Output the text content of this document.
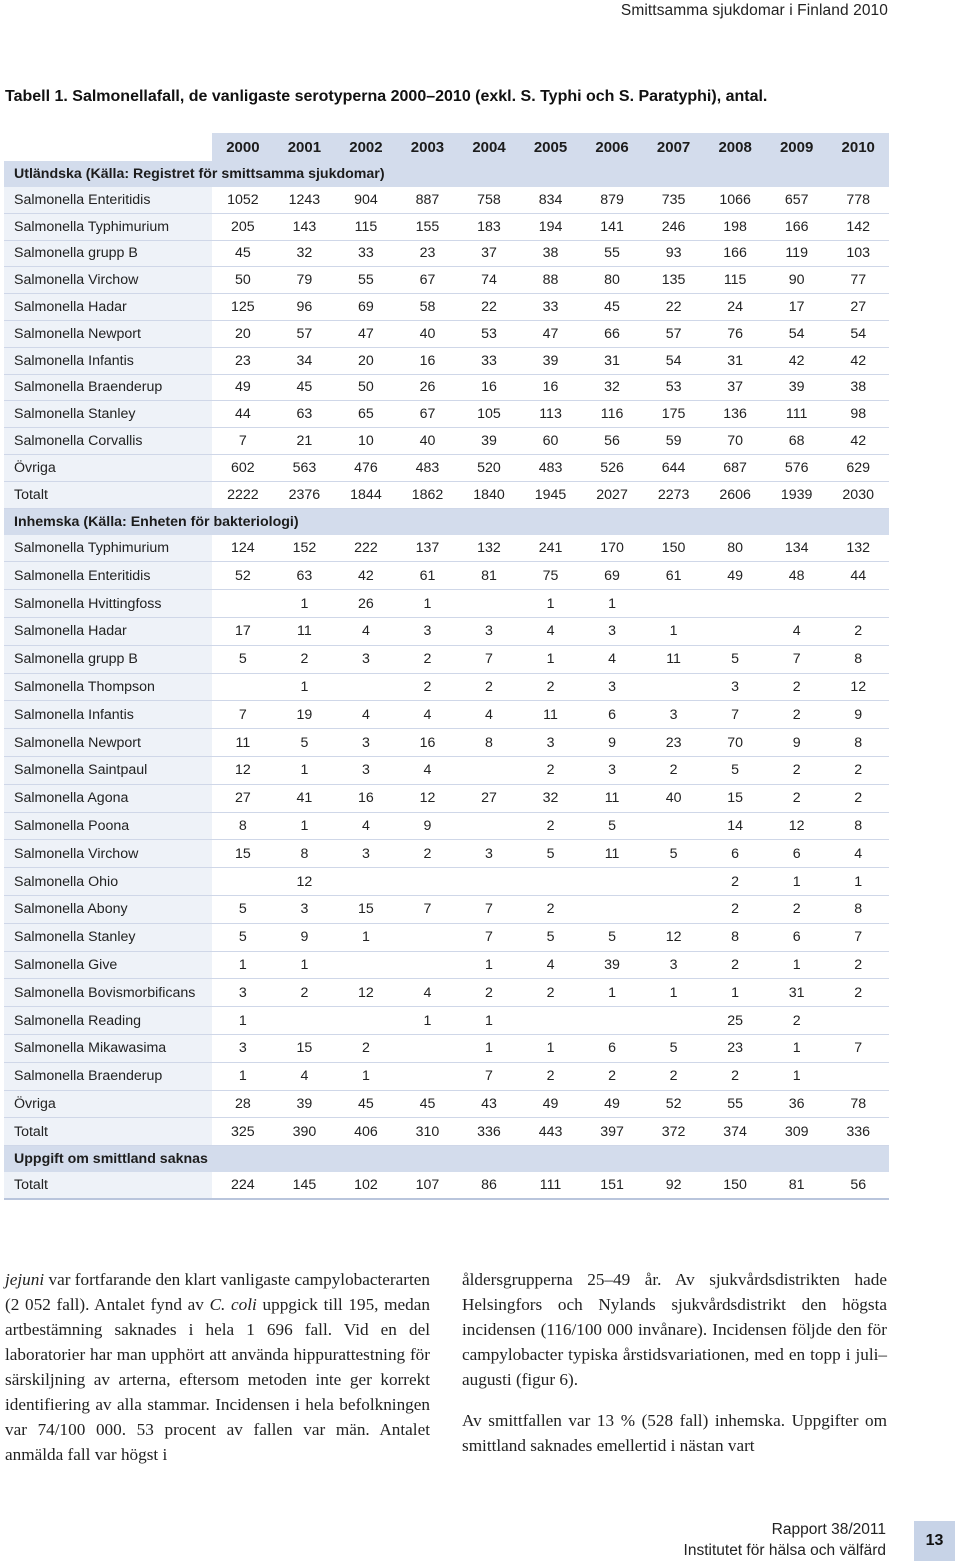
Smittsamma sjukdomar i Finland 2010
Tabell 1. Salmonellafall, de vanligaste serotyperna 2000–2010 (exkl. S. Typhi och S. Paratyphi), antal.
	2000	2001	2002	2003	2004	2005	2006	2007	2008	2009	2010
Utländska (Källa: Registret för smittsamma sjukdomar)											
Salmonella Enteritidis	1052	1243	904	887	758	834	879	735	1066	657	778
Salmonella Typhimurium	205	143	115	155	183	194	141	246	198	166	142
Salmonella grupp B	45	32	33	23	37	38	55	93	166	119	103
Salmonella Virchow	50	79	55	67	74	88	80	135	115	90	77
Salmonella Hadar	125	96	69	58	22	33	45	22	24	17	27
Salmonella Newport	20	57	47	40	53	47	66	57	76	54	54
Salmonella Infantis	23	34	20	16	33	39	31	54	31	42	42
Salmonella Braenderup	49	45	50	26	16	16	32	53	37	39	38
Salmonella Stanley	44	63	65	67	105	113	116	175	136	111	98
Salmonella Corvallis	7	21	10	40	39	60	56	59	70	68	42
Övriga	602	563	476	483	520	483	526	644	687	576	629
Totalt	2222	2376	1844	1862	1840	1945	2027	2273	2606	1939	2030
Inhemska (Källa: Enheten för bakteriologi)											
Salmonella Typhimurium	124	152	222	137	132	241	170	150	80	134	132
Salmonella Enteritidis	52	63	42	61	81	75	69	61	49	48	44
Salmonella Hvittingfoss		1	26	1		1	1				
Salmonella Hadar	17	11	4	3	3	4	3	1		4	2
Salmonella grupp B	5	2	3	2	7	1	4	11	5	7	8
Salmonella Thompson		1		2	2	2	3		3	2	12
Salmonella Infantis	7	19	4	4	4	11	6	3	7	2	9
Salmonella Newport	11	5	3	16	8	3	9	23	70	9	8
Salmonella Saintpaul	12	1	3	4		2	3	2	5	2	2
Salmonella Agona	27	41	16	12	27	32	11	40	15	2	2
Salmonella Poona	8	1	4	9		2	5		14	12	8
Salmonella Virchow	15	8	3	2	3	5	11	5	6	6	4
Salmonella Ohio		12							2	1	1
Salmonella Abony	5	3	15	7	7	2			2	2	8
Salmonella Stanley	5	9	1		7	5	5	12	8	6	7
Salmonella Give	1	1			1	4	39	3	2	1	2
Salmonella Bovismorbificans	3	2	12	4	2	2	1	1	1	31	2
Salmonella Reading	1			1	1				25	2	
Salmonella Mikawasima	3	15	2		1	1	6	5	23	1	7
Salmonella Braenderup	1	4	1		7	2	2	2	2	1	
Övriga	28	39	45	45	43	49	49	52	55	36	78
Totalt	325	390	406	310	336	443	397	372	374	309	336
Uppgift om smittland saknas											
Totalt	224	145	102	107	86	111	151	92	150	81	56

jejuni var fortfarande den klart vanligaste campylobacterarten (2 052 fall). Antalet fynd av C. coli uppgick till 195, medan artbestämning saknades i hela 1 696 fall. Vid en del laboratorier har man upphört att använda hippurattestning för särskiljning av arterna, eftersom metoden inte ger korrekt identifiering av alla stammar. Incidensen i hela befolkningen var 74/100 000. 53 procent av fallen var män. Antalet anmälda fall var högst i

åldersgrupperna 25–49 år. Av sjukvårdsdistrikten hade Helsingfors och Nylands sjukvårdsdistrikt den högsta incidensen (116/100 000 invånare). Incidensen följde den för campylobacter typiska årstidsvariationen, med en topp i juli–augusti (figur 6).

Av smittfallen var 13 % (528 fall) inhemska. Uppgifter om smittland saknades emellertid i nästan vart

Rapport 38/2011
Institutet för hälsa och välfärd
13
